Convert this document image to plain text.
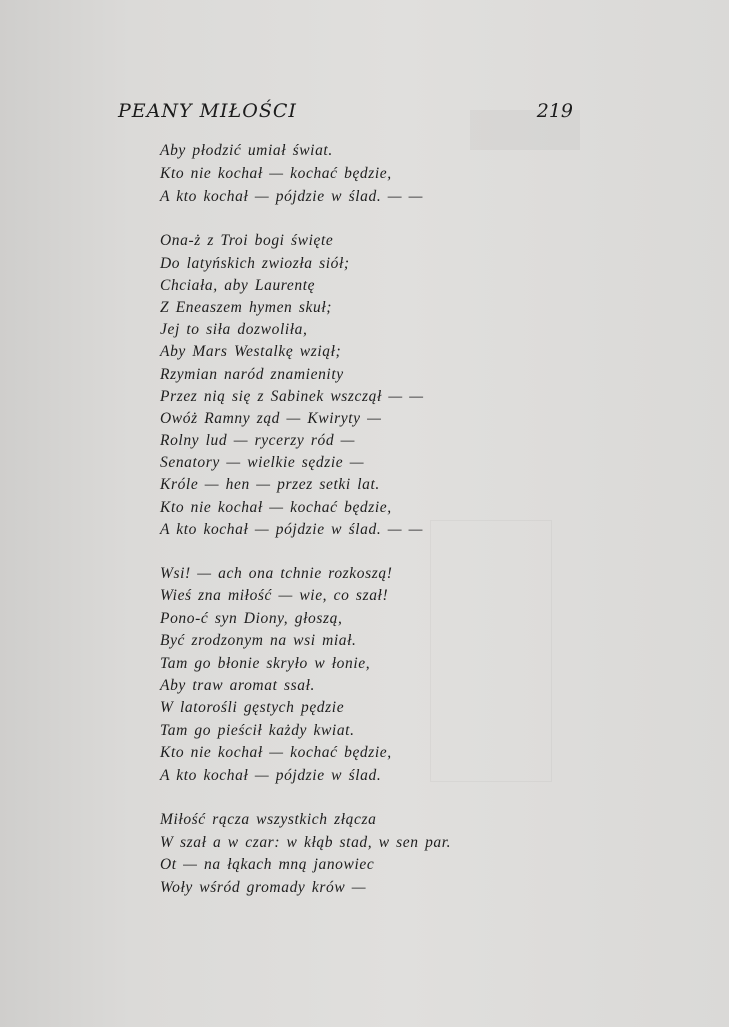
PEANY MIŁOŚCI	219
Aby płodzić umiał świat.
Kto nie kochał — kochać będzie,
A kto kochał — pójdzie w ślad. — —
Ona-ż z Troi bogi święte
Do latyńskich zwiozła siół;
Chciała, aby Laurentę
Z Eneaszem hymen skuł;
Jej to siła dozwoliła,
Aby Mars Westalkę wziął;
Rzymian naród znamienity
Przez nią się z Sabinek wszczął — —
Owóż Ramny ząd — Kwiryty —
Rolny lud — rycerzy ród —
Senatory — wielkie sędzie —
Króle — hen — przez setki lat.
Kto nie kochał — kochać będzie,
A kto kochał — pójdzie w ślad. — —
Wsi! — ach ona tchnie rozkoszą!
Wieś zna miłość — wie, co szał!
Pono-ć syn Diony, głoszą,
Być zrodzonym na wsi miał.
Tam go błonie skryło w łonie,
Aby traw aromat ssał.
W latorośli gęstych pędzie
Tam go pieścił każdy kwiat.
Kto nie kochał — kochać będzie,
A kto kochał — pójdzie w ślad.
Miłość rącza wszystkich złącza
W szał a w czar: w kłąb stad, w sen par.
Ot — na łąkach mną janowiec
Woły wśród gromady krów —
